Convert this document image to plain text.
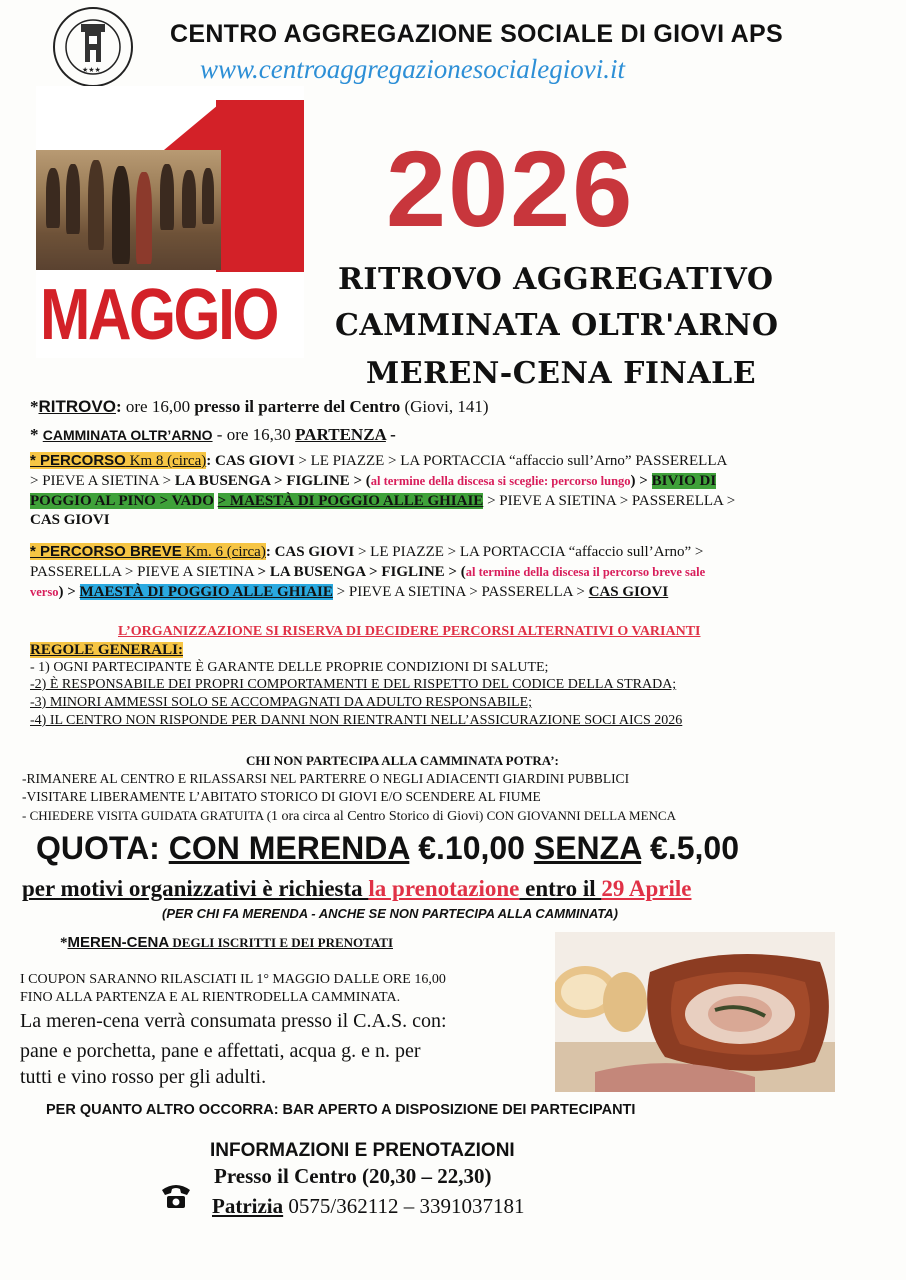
★★★
CENTRO AGGREGAZIONE SOCIALE DI GIOVI APS
www.centroaggregazionesocialegiovi.it
MAGGIO
2026
RITROVO AGGREGATIVO
CAMMINATA OLTR'ARNO
MEREN-CENA FINALE
*RITROVO: ore 16,00 presso il parterre del Centro (Giovi, 141)
* CAMMINATA OLTR’ARNO - ore 16,30 PARTENZA -
* PERCORSO Km 8 (circa): CAS GIOVI > LE PIAZZE > LA PORTACCIA “affaccio sull’Arno” PASSERELLA
> PIEVE A SIETINA > LA BUSENGA > FIGLINE > (al termine della discesa si sceglie: percorso lungo) > BIVIO DI
POGGIO AL PINO > VADO > MAESTÀ DI POGGIO ALLE GHIAIE > PIEVE A SIETINA > PASSERELLA >
CAS GIOVI
* PERCORSO BREVE Km. 6 (circa): CAS GIOVI > LE PIAZZE > LA PORTACCIA “affaccio sull’Arno” >
PASSERELLA > PIEVE A SIETINA > LA BUSENGA > FIGLINE > (al termine della discesa il percorso breve sale
verso) > MAESTÀ DI POGGIO ALLE GHIAIE > PIEVE A SIETINA > PASSERELLA > CAS GIOVI
L’ORGANIZZAZIONE SI RISERVA DI DECIDERE PERCORSI ALTERNATIVI O VARIANTI
REGOLE GENERALI:
- 1) OGNI PARTECIPANTE È GARANTE DELLE PROPRIE CONDIZIONI DI SALUTE;
-2) È RESPONSABILE DEI PROPRI COMPORTAMENTI E DEL RISPETTO DEL CODICE DELLA STRADA;
-3) MINORI AMMESSI SOLO SE ACCOMPAGNATI DA ADULTO RESPONSABILE;
-4) IL CENTRO NON RISPONDE PER DANNI NON RIENTRANTI NELL’ASSICURAZIONE SOCI AICS 2026
CHI NON PARTECIPA ALLA CAMMINATA POTRA’:
-RIMANERE AL CENTRO E RILASSARSI NEL PARTERRE O NEGLI ADIACENTI GIARDINI PUBBLICI
-VISITARE LIBERAMENTE L’ABITATO STORICO DI GIOVI E/O SCENDERE AL FIUME
- CHIEDERE VISITA GUIDATA GRATUITA (1 ora circa al Centro Storico di Giovi) CON GIOVANNI DELLA MENCA
QUOTA: CON MERENDA €.10,00 SENZA €.5,00
per motivi organizzativi è richiesta la prenotazione entro il 29 Aprile
(PER CHI FA MERENDA - ANCHE SE NON PARTECIPA ALLA CAMMINATA)
*MEREN-CENA DEGLI ISCRITTI E DEI PRENOTATI
I COUPON SARANNO RILASCIATI IL 1° MAGGIO DALLE ORE 16,00
FINO ALLA PARTENZA E AL RIENTRODELLA CAMMINATA.
La meren-cena verrà consumata presso il C.A.S. con:
pane e porchetta, pane e affettati, acqua g. e n. per
tutti e vino rosso per gli adulti.
PER QUANTO ALTRO OCCORRA: BAR APERTO A DISPOSIZIONE DEI PARTECIPANTI
INFORMAZIONI E PRENOTAZIONI
Presso il Centro (20,30 – 22,30)
Patrizia 0575/362112 – 3391037181
